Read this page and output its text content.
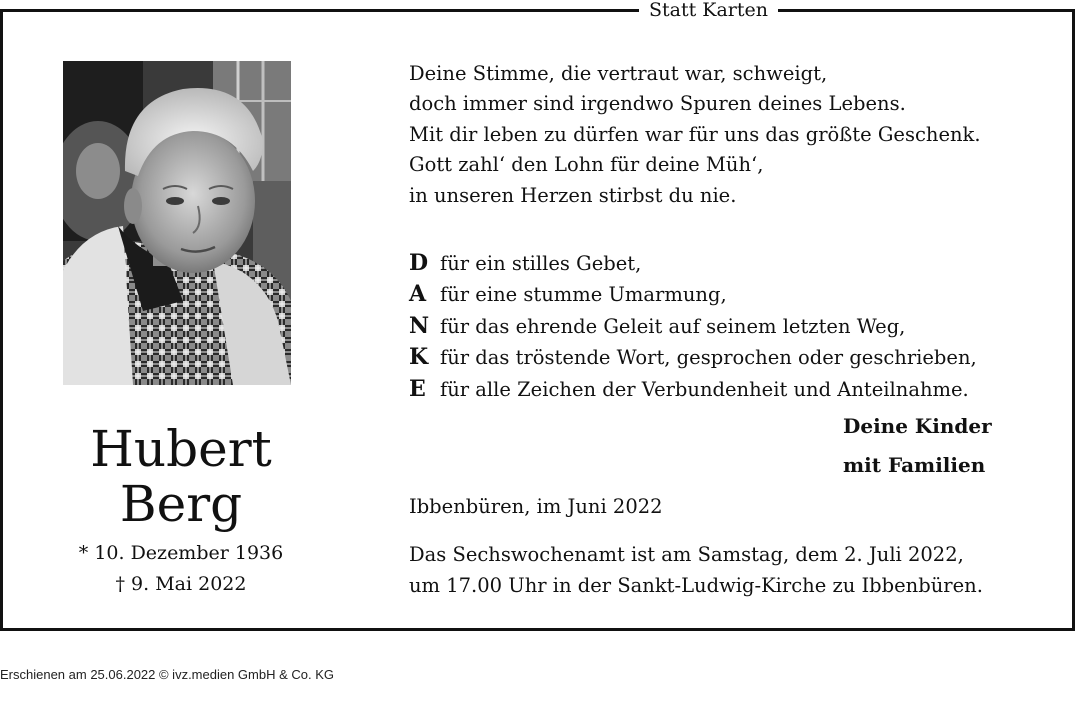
Statt Karten
Hubert
Berg
* 10. Dezember 1936
† 9. Mai 2022
Deine Stimme, die vertraut war, schweigt,
doch immer sind irgendwo Spuren deines Lebens.
Mit dir leben zu dürfen war für uns das größte Geschenk.
Gott zahl‘ den Lohn für deine Müh‘,
in unseren Herzen stirbst du nie.
D für ein stilles Gebet,
A für eine stumme Umarmung,
N für das ehrende Geleit auf seinem letzten Weg,
K für das tröstende Wort, gesprochen oder geschrieben,
E für alle Zeichen der Verbundenheit und Anteilnahme.
Deine Kinder
mit Familien
Ibbenbüren, im Juni 2022
Das Sechswochenamt ist am Samstag, dem 2. Juli 2022,
um 17.00 Uhr in der Sankt-Ludwig-Kirche zu Ibbenbüren.
Erschienen am 25.06.2022 © ivz.medien GmbH & Co. KG
